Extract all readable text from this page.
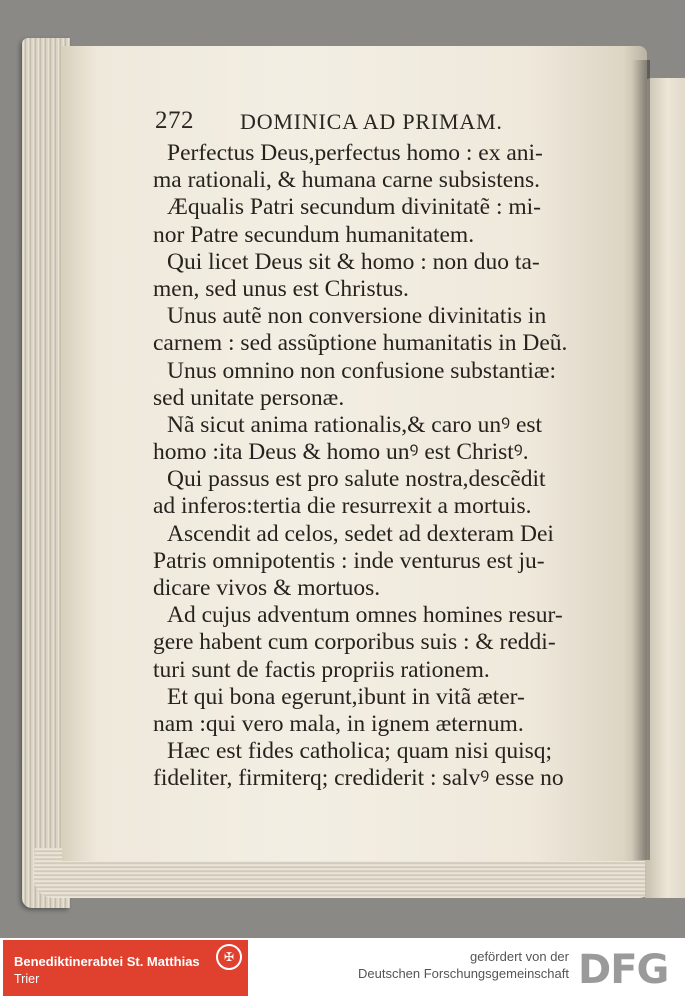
272 DOMINICA AD PRIMAM.
Perfectus Deus,perfectus homo : ex ani-
ma rationali, & humana carne subsistens.
Æqualis Patri secundum divinitatẽ : mi-
nor Patre secundum humanitatem.
Qui licet Deus sit & homo : non duo ta-
men, sed unus est Christus.
Unus autẽ non conversione divinitatis in
carnem : sed assũptione humanitatis in Deũ.
Unus omnino non confusione substantiæ:
sed unitate personæ.
Nã sicut anima rationalis,& caro unꝰ est
homo :ita Deus & homo unꝰ est Christꝰ.
Qui passus est pro salute nostra,descẽdit
ad inferos:tertia die resurrexit a mortuis.
Ascendit ad celos, sedet ad dexteram Dei
Patris omnipotentis : inde venturus est ju-
dicare vivos & mortuos.
Ad cujus adventum omnes homines resur-
gere habent cum corporibus suis : & reddi-
turi sunt de factis propriis rationem.
Et qui bona egerunt,ibunt in vitã æter-
nam :qui vero mala, in ignem æternum.
Hæc est fides catholica; quam nisi quisq;
fideliter, firmiterq; crediderit : salvꝰ esse no
Benediktinerabtei St. Matthias
Trier
✠	gefördert von der
Deutschen Forschungsgemeinschaft DFG
